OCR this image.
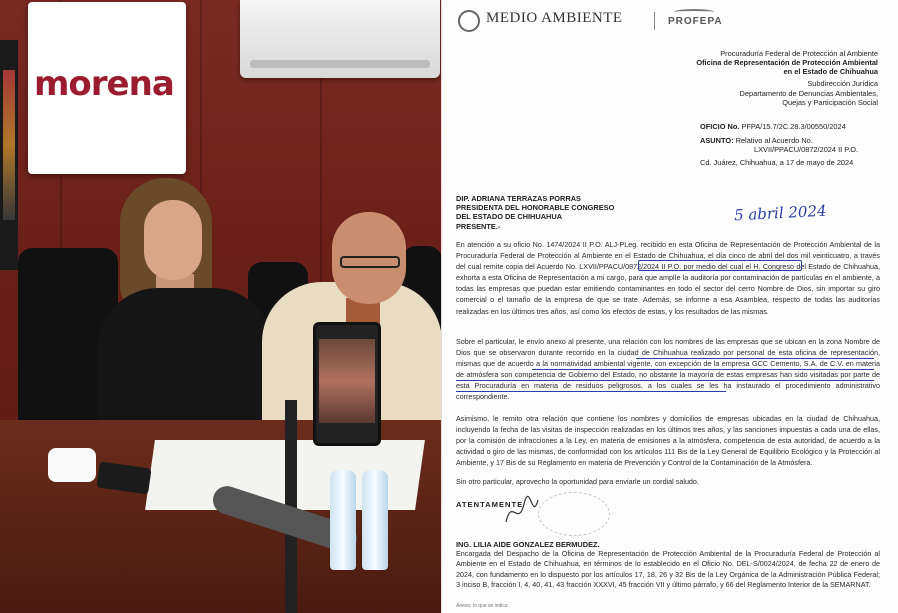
morena
MEDIO AMBIENTE	PROFEPA
Procuraduría Federal de Protección al Ambiente
Oficina de Representación de Protección Ambiental
en el Estado de Chihuahua
Subdirección Jurídica
Departamento de Denuncias Ambientales,
Quejas y Participación Social
OFICIO No. PFPA/15.7/2C.28.3/00550/2024
ASUNTO: Relativo al Acuerdo No.
LXVII/PPACU/0872/2024 II P.O.
Cd. Juárez, Chihuahua, a 17 de mayo de 2024
DIP. ADRIANA TERRAZAS PORRAS
PRESIDENTA DEL HONORABLE CONGRESO
DEL ESTADO DE CHIHUAHUA
PRESENTE.-
5 abril 2024

En atención a su oficio No. 1474/2024 II P.O. ALJ-PLeg. recibido en esta Oficina de Representación de Protección Ambiental de la Procuraduría Federal de Protección al Ambiente en el Estado de Chihuahua, el día cinco de abril del dos mil veinticuatro, a través del cual remite copia del Acuerdo No. LXVII/PPACU/0872/2024 II P.O. por medio del cual el H. Congreso del Estado de Chihuahua, exhorta a esta Oficina de Representación a mi cargo, para que amplíe la auditoría por contaminación de partículas en el ambiente, a todas las empresas que puedan estar emitiendo contaminantes en todo el sector del cerro Nombre de Dios, sin importar su giro comercial o el tamaño de la empresa de que se trate. Además, se informe a esa Asamblea, respecto de todas las auditorías realizadas en los últimos tres años, así como los efectos de estas, y los resultados de las mismas.

Sobre el particular, le envío anexo al presente, una relación con los nombres de las empresas que se ubican en la zona Nombre de Dios que se observaron durante recorrido en la ciudad de Chihuahua realizado por personal de esta oficina de representación, mismas que de acuerdo a la normatividad ambiental vigente, con excepción de la empresa GCC Cemento, S.A. de C.V. en materia de atmósfera son competencia de Gobierno del Estado, no obstante la mayoría de estas empresas han sido visitadas por parte de esta Procuraduría en materia de residuos peligrosos, a los cuales se les ha instaurado el procedimiento administrativo correspondiente.

Asimismo, le remito otra relación que contiene los nombres y domicilios de empresas ubicadas en la ciudad de Chihuahua, incluyendo la fecha de las visitas de inspección realizadas en los últimos tres años, y las sanciones impuestas a cada una de ellas, por la comisión de infracciones a la Ley, en materia de emisiones a la atmósfera, competencia de esta autoridad, de acuerdo a la actividad o giro de las mismas, de conformidad con los artículos 111 Bis de la Ley General de Equilibrio Ecológico y la Protección al Ambiente, y 17 Bis de su Reglamento en materia de Prevención y Control de la Contaminación de la Atmósfera.

Sin otro particular, aprovecho la oportunidad para enviarle un cordial saludo.

ATENTAMENTE
ING. LILIA AIDE GONZALEZ BERMUDEZ.

Encargada del Despacho de la Oficina de Representación de Protección Ambiental de la Procuraduría Federal de Protección al Ambiente en el Estado de Chihuahua, en términos de lo establecido en el Oficio No. DEL-S/0024/2024, de fecha 22 de enero de 2024, con fundamento en lo dispuesto por los artículos 17, 18, 26 y 32 Bis de la Ley Orgánica de la Administración Pública Federal; 3 inciso B, fracción I, 4, 40, 41, 43 fracción XXXVI, 45 fracción VII y último párrafo, y 66 del Reglamento Interior de la SEMARNAT.

Anexo: lo que se indica
